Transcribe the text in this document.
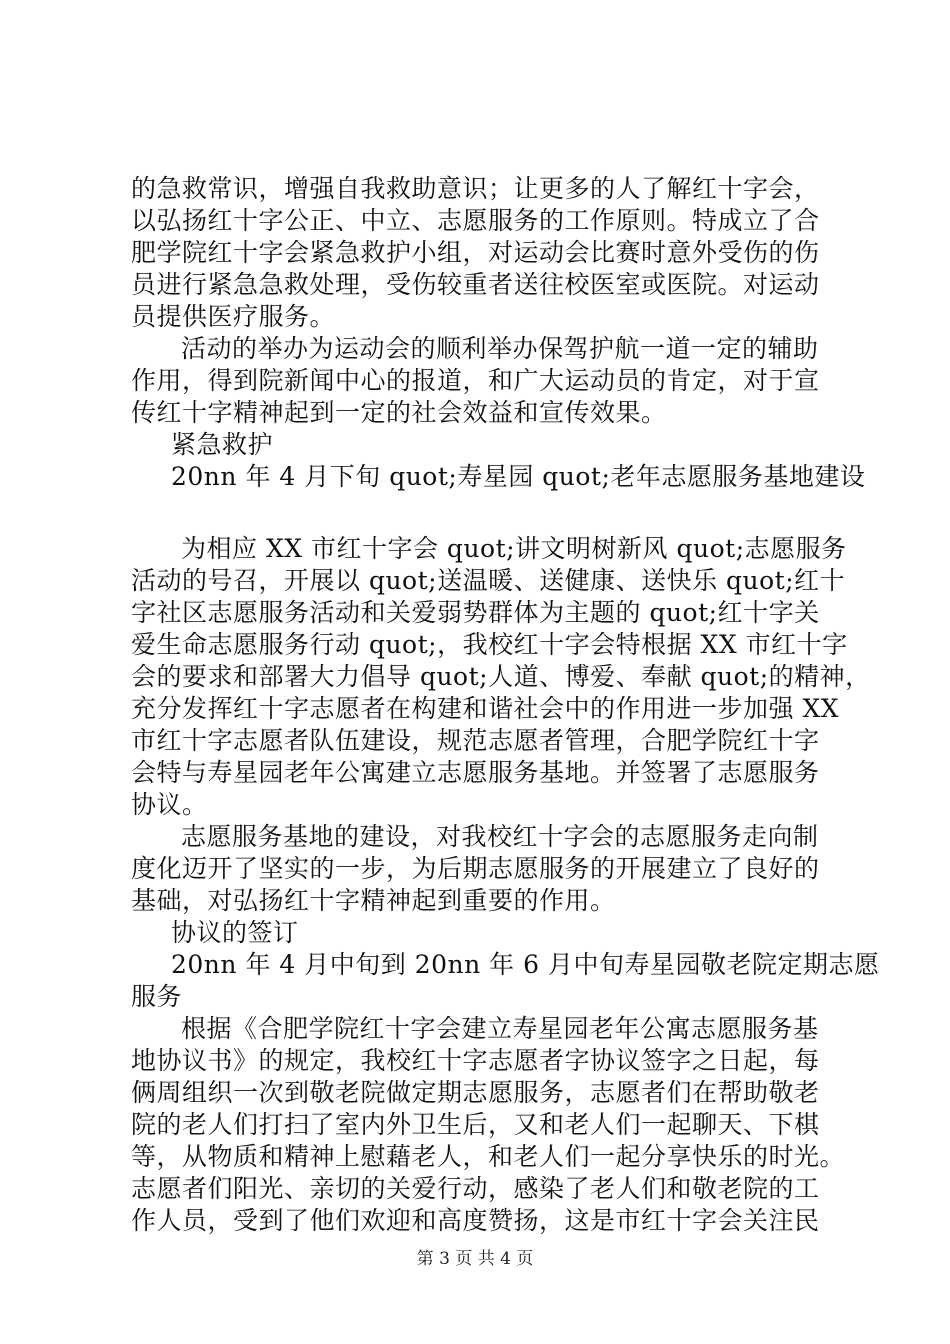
的急救常识，增强自我救助意识；让更多的人了解红十字会，
以弘扬红十字公正、中立、志愿服务的工作原则。特成立了合
肥学院红十字会紧急救护小组，对运动会比赛时意外受伤的伤
员进行紧急急救处理，受伤较重者送往校医室或医院。对运动
员提供医疗服务。
活动的举办为运动会的顺利举办保驾护航一道一定的辅助
作用，得到院新闻中心的报道，和广大运动员的肯定，对于宣
传红十字精神起到一定的社会效益和宣传效果。
紧急救护
20nn 年 4 月下旬 quot;寿星园 quot;老年志愿服务基地建设
为相应 XX 市红十字会 quot;讲文明树新风 quot;志愿服务
活动的号召，开展以 quot;送温暖、送健康、送快乐 quot;红十
字社区志愿服务活动和关爱弱势群体为主题的 quot;红十字关
爱生命志愿服务行动 quot;，我校红十字会特根据 XX 市红十字
会的要求和部署大力倡导 quot;人道、博爱、奉献 quot;的精神，
充分发挥红十字志愿者在构建和谐社会中的作用进一步加强 XX
市红十字志愿者队伍建设，规范志愿者管理，合肥学院红十字
会特与寿星园老年公寓建立志愿服务基地。并签署了志愿服务
协议。
志愿服务基地的建设，对我校红十字会的志愿服务走向制
度化迈开了坚实的一步，为后期志愿服务的开展建立了良好的
基础，对弘扬红十字精神起到重要的作用。
协议的签订
20nn 年 4 月中旬到 20nn 年 6 月中旬寿星园敬老院定期志愿
服务
根据《合肥学院红十字会建立寿星园老年公寓志愿服务基
地协议书》的规定，我校红十字志愿者字协议签字之日起，每
俩周组织一次到敬老院做定期志愿服务，志愿者们在帮助敬老
院的老人们打扫了室内外卫生后，又和老人们一起聊天、下棋
等，从物质和精神上慰藉老人，和老人们一起分享快乐的时光。
志愿者们阳光、亲切的关爱行动，感染了老人们和敬老院的工
作人员，受到了他们欢迎和高度赞扬，这是市红十字会关注民
第 3 页 共 4 页
